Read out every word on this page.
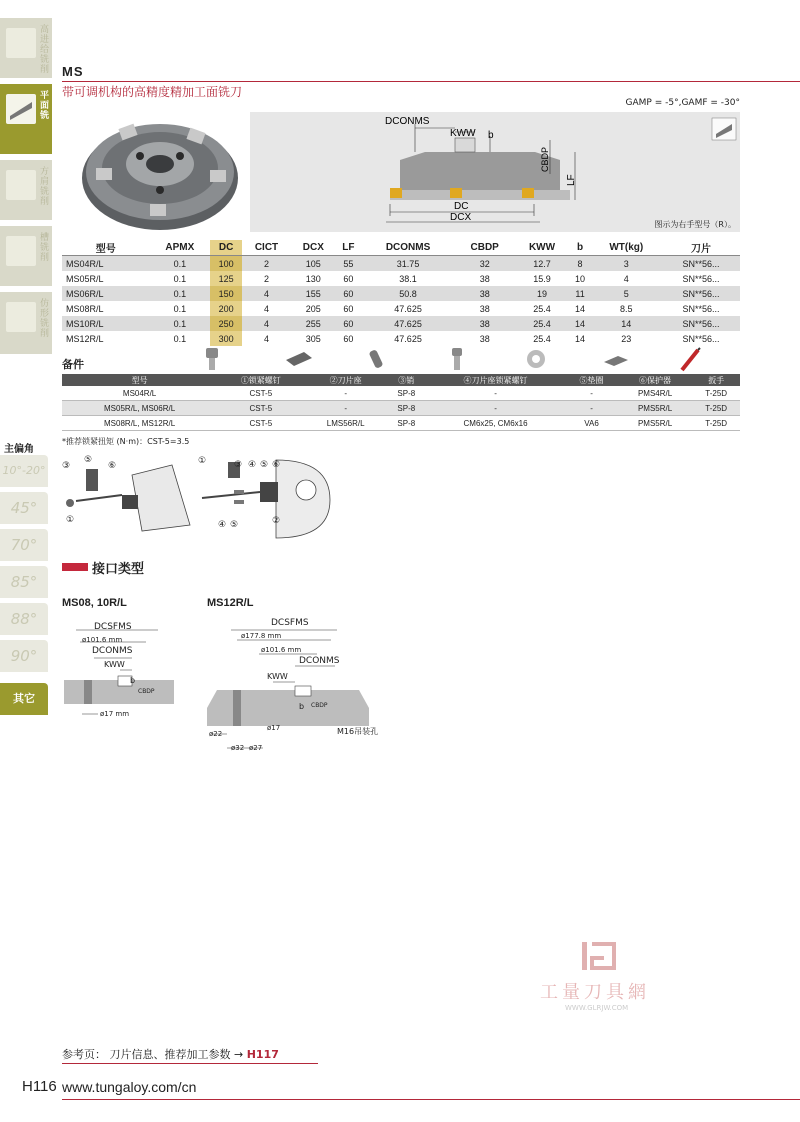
高进给铣削
平面铣
方肩铣削
槽铣削
仿形铣削
主偏角
10°-20°
45°
70°
85°
88°
90°
其它
MS
带可调机构的高精度精加工面铣刀
GAMP = -5°,GAMF = -30°
DCONMS
KWW b
CBDP
LF
DC
DCX
图示为右手型号（R）。
型号	APMX	DC	CICT	DCX	LF	DCONMS	CBDP	KWW	b	WT(kg)	刀片
MS04R/L	0.1	100	2	105	55	31.75	32	12.7	8	3	SN**56...
MS05R/L	0.1	125	2	130	60	38.1	38	15.9	10	4	SN**56...
MS06R/L	0.1	150	4	155	60	50.8	38	19	11	5	SN**56...
MS08R/L	0.1	200	4	205	60	47.625	38	25.4	14	8.5	SN**56...
MS10R/L	0.1	250	4	255	60	47.625	38	25.4	14	14	SN**56...
MS12R/L	0.1	300	4	305	60	47.625	38	25.4	14	23	SN**56...
备件
型号	①锁紧螺钉	②刀片座	③销	④刀片座锁紧螺钉	⑤垫圈	⑥保护器	扳手
MS04R/L	CST-5	-	SP-8	-	-	PMS4R/L	T-25D
MS05R/L, MS06R/L	CST-5	-	SP-8	-	-	PMS5R/L	T-25D
MS08R/L, MS12R/L	CST-5	LMS56R/L	SP-8	CM6x25, CM6x16	VA6	PMS5R/L	T-25D
*推荐锁紧扭矩 (N·m)：CST-5=3.5
③
⑤
⑥
①
①	③ ④ ⑤ ⑥
②
④ ⑤
接口类型
MS08, 10R/L
DCSFMS
ø101.6 mm
DCONMS
KWW
b
CBDP
ø17 mm
MS12R/L
DCSFMS
ø177.8 mm
ø101.6 mm
DCONMS
KWW
b CBDP
ø17
ø22
ø32 ø27
M16吊装孔
工量刀具網
WWW.GLRJW.COM
参考页： 刀片信息、推荐加工参数 → H117
H116 www.tungaloy.com/cn
